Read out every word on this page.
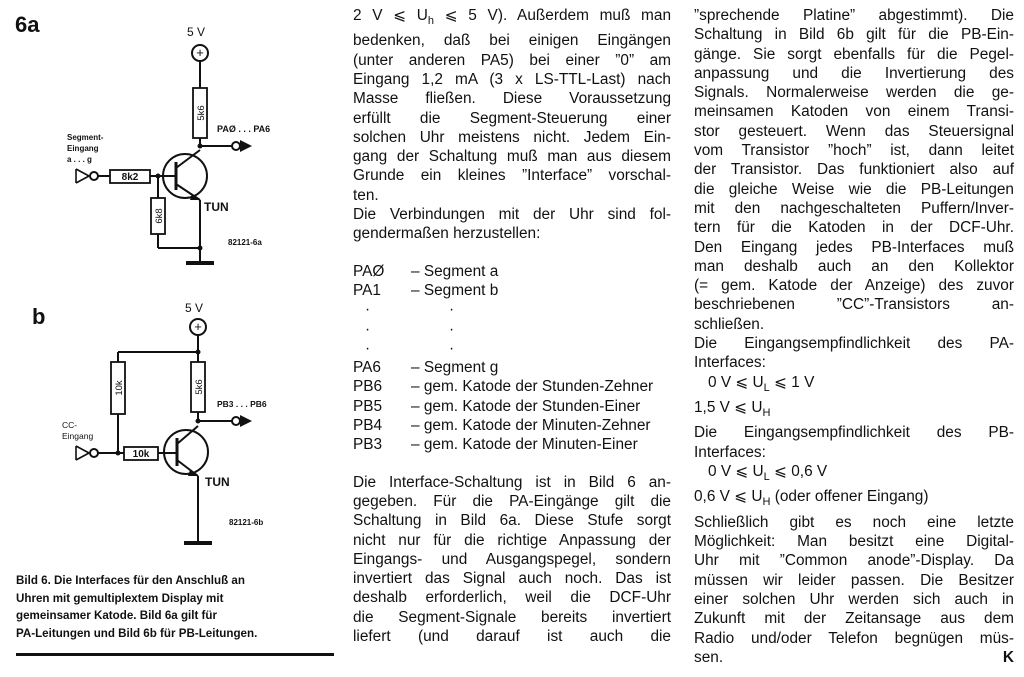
6a
b
5 V
+
5k6
PAØ . . . PA6
Segment-
Eingang
a . . . g
8k2
6k8
TUN
82121-6a
5 V
+
10k	5k6
PB3 . . . PB6
CC-
Eingang
10k
TUN
82121-6b

Bild 6. Die Interfaces für den Anschluß an

Uhren mit gemultiplextem Display mit

gemeinsamer Katode. Bild 6a gilt für

PA-Leitungen und Bild 6b für PB-Leitungen.

2 V ⩽ $U_h$ ⩽ 5 V). Außerdem muß man

bedenken, daß bei einigen Eingängen

(unter anderen PA5) bei einer ”0” am

Eingang 1,2 mA (3 x LS-TTL-Last) nach

Masse fließen. Diese Voraussetzung

erfüllt die Segment-Steuerung einer

solchen Uhr meistens nicht. Jedem Ein-

gang der Schaltung muß man aus diesem

Grunde ein kleines ”Interface” vorschal-

ten.

Die Verbindungen mit der Uhr sind fol-

gendermaßen herzustellen:

PAØ	– Segment a
PA1	– Segment b
·	·
·	·
·	·
PA6	– Segment g
PB6	– gem. Katode der Stunden-Zehner
PB5	– gem. Katode der Stunden-Einer
PB4	– gem. Katode der Minuten-Zehner
PB3	– gem. Katode der Minuten-Einer

Die Interface-Schaltung ist in Bild 6 an-

gegeben. Für die PA-Eingänge gilt die

Schaltung in Bild 6a. Diese Stufe sorgt

nicht nur für die richtige Anpassung der

Eingangs- und Ausgangspegel, sondern

invertiert das Signal auch noch. Das ist

deshalb erforderlich, weil die DCF-Uhr

die Segment-Signale bereits invertiert

liefert (und darauf ist auch die

”sprechende Platine” abgestimmt). Die

Schaltung in Bild 6b gilt für die PB-Ein-

gänge. Sie sorgt ebenfalls für die Pegel-

anpassung und die Invertierung des

Signals. Normalerweise werden die ge-

meinsamen Katoden von einem Transi-

stor gesteuert. Wenn das Steuersignal

vom Transistor ”hoch” ist, dann leitet

der Transistor. Das funktioniert also auf

die gleiche Weise wie die PB-Leitungen

mit den nachgeschalteten Puffern/Inver-

tern für die Katoden in der DCF-Uhr.

Den Eingang jedes PB-Interfaces muß

man deshalb auch an den Kollektor

(= gem. Katode der Anzeige) des zuvor

beschriebenen ”CC”-Transistors an-

schließen.

Die Eingangsempfindlichkeit des PA-

Interfaces:

0 V ⩽ $U_L$ ⩽ 1 V

1,5 V ⩽ $U_H$

Die Eingangsempfindlichkeit des PB-

Interfaces:

0 V ⩽ $U_L$ ⩽ 0,6 V

0,6 V ⩽ $U_H$ (oder offener Eingang)

Schließlich gibt es noch eine letzte

Möglichkeit: Man besitzt eine Digital-

Uhr mit ”Common anode”-Display. Da

müssen wir leider passen. Die Besitzer

einer solchen Uhr werden sich auch in

Zukunft mit der Zeitansage aus dem

Radio und/oder Telefon begnügen müs-

sen.	K
